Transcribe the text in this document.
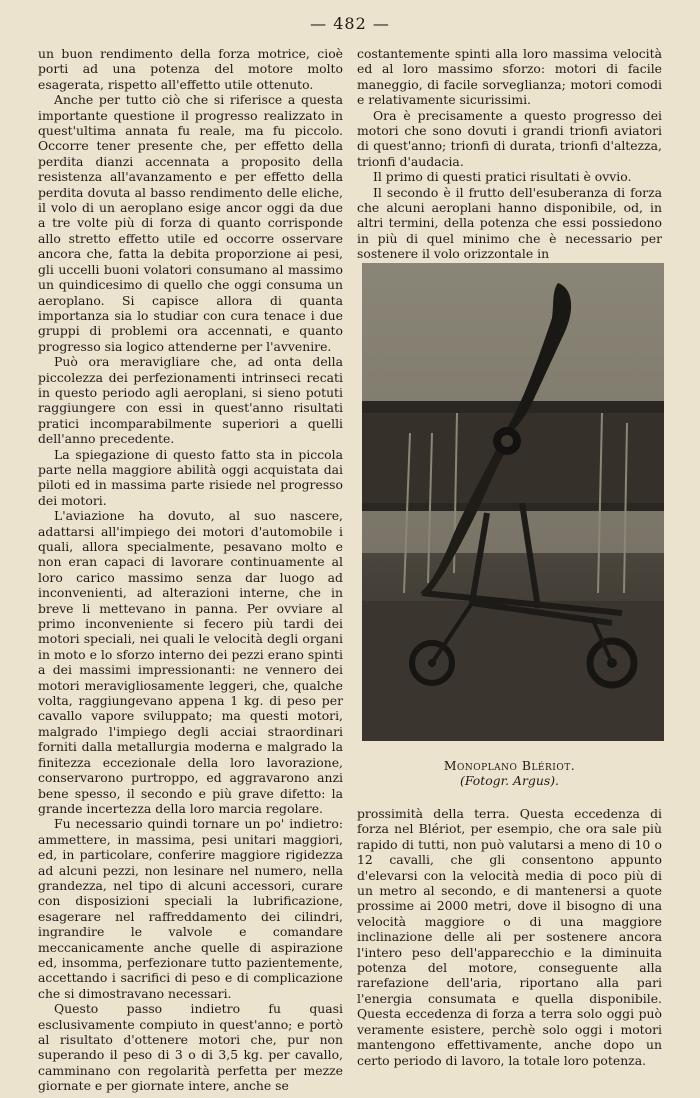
— 482 —

un buon rendimento della forza motrice, cioè porti ad una potenza del motore molto esagerata, rispetto all'effetto utile ottenuto.

Anche per tutto ciò che si riferisce a questa importante questione il progresso realizzato in quest'ultima annata fu reale, ma fu piccolo. Occorre tener presente che, per effetto della perdita dianzi accennata a proposito della resistenza all'avanzamento e per effetto della perdita dovuta al basso rendimento delle eliche, il volo di un aeroplano esige ancor oggi da due a tre volte più di forza di quanto corrisponde allo stretto effetto utile ed occorre osservare ancora che, fatta la debita proporzione ai pesi, gli uccelli buoni volatori consumano al massimo un quindicesimo di quello che oggi consuma un aeroplano. Si capisce allora di quanta importanza sia lo studiar con cura tenace i due gruppi di problemi ora accennati, e quanto progresso sia logico attenderne per l'avvenire.

Può ora meravigliare che, ad onta della piccolezza dei perfezionamenti intrinseci recati in questo periodo agli aeroplani, si sieno potuti raggiungere con essi in quest'anno risultati pratici incomparabilmente superiori a quelli dell'anno precedente.

La spiegazione di questo fatto sta in piccola parte nella maggiore abilità oggi acquistata dai piloti ed in massima parte risiede nel progresso dei motori.

L'aviazione ha dovuto, al suo nascere, adattarsi all'impiego dei motori d'automobile i quali, allora specialmente, pesavano molto e non eran capaci di lavorare continuamente al loro carico massimo senza dar luogo ad inconvenienti, ad alterazioni interne, che in breve li mettevano in panna. Per ovviare al primo inconveniente si fecero più tardi dei motori speciali, nei quali le velocità degli organi in moto e lo sforzo interno dei pezzi erano spinti a dei massimi impressionanti: ne vennero dei motori meravigliosamente leggeri, che, qualche volta, raggiungevano appena 1 kg. di peso per cavallo vapore sviluppato; ma questi motori, malgrado l'impiego degli acciai straordinari forniti dalla metallurgia moderna e malgrado la finitezza eccezionale della loro lavorazione, conservarono purtroppo, ed aggravarono anzi bene spesso, il secondo e più grave difetto: la grande incertezza della loro marcia regolare.

Fu necessario quindi tornare un po' indietro: ammettere, in massima, pesi unitari maggiori, ed, in particolare, conferire maggiore rigidezza ad alcuni pezzi, non lesinare nel numero, nella grandezza, nel tipo di alcuni accessori, curare con disposizioni speciali la lubrificazione, esagerare nel raffreddamento dei cilindri, ingrandire le valvole e comandare meccanicamente anche quelle di aspirazione ed, insomma, perfezionare tutto pazientemente, accettando i sacrifici di peso e di complicazione che si dimostravano necessari.

Questo passo indietro fu quasi esclusivamente compiuto in quest'anno; e portò al risultato d'ottenere motori che, pur non superando il peso di 3 o di 3,5 kg. per cavallo, camminano con regolarità perfetta per mezze giornate e per giornate intere, anche se

costantemente spinti alla loro massima velocità ed al loro massimo sforzo: motori di facile maneggio, di facile sorveglianza; motori comodi e relativamente sicurissimi.

Ora è precisamente a questo progresso dei motori che sono dovuti i grandi trionfi aviatori di quest'anno; trionfi di durata, trionfi d'altezza, trionfi d'audacia.

Il primo di questi pratici risultati è ovvio.

Il secondo è il frutto dell'esuberanza di forza che alcuni aeroplani hanno disponibile, od, in altri termini, della potenza che essi possiedono in più di quel minimo che è necessario per sostenere il volo orizzontale in

Monoplano Blériot.
(Fotogr. Argus).

prossimità della terra. Questa eccedenza di forza nel Blériot, per esempio, che ora sale più rapido di tutti, non può valutarsi a meno di 10 o 12 cavalli, che gli consentono appunto d'elevarsi con la velocità media di poco più di un metro al secondo, e di mantenersi a quote prossime ai 2000 metri, dove il bisogno di una velocità maggiore o di una maggiore inclinazione delle ali per sostenere ancora l'intero peso dell'apparecchio e la diminuita potenza del motore, conseguente alla rarefazione dell'aria, riportano alla pari l'energia consumata e quella disponibile. Questa eccedenza di forza a terra solo oggi può veramente esistere, perchè solo oggi i motori mantengono effettivamente, anche dopo un certo periodo di lavoro, la totale loro potenza.
